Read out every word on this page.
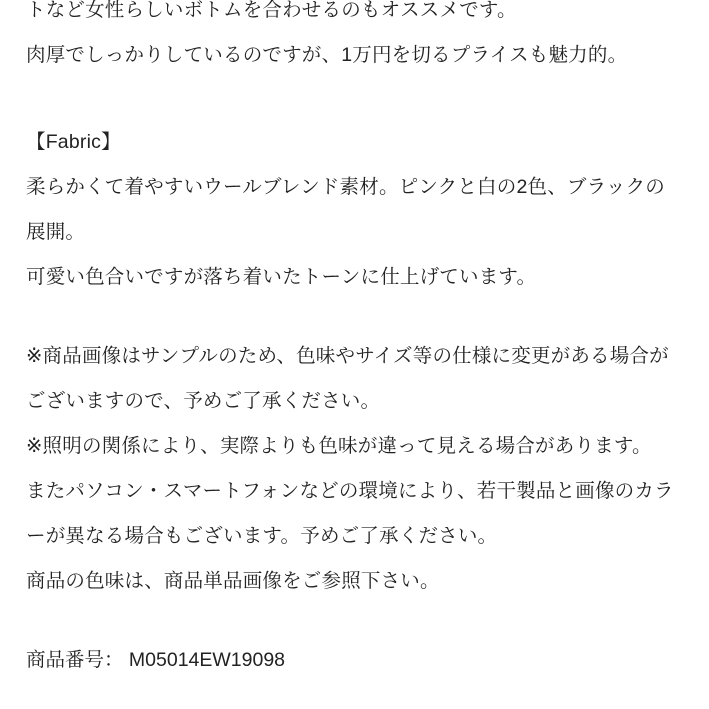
トなど女性らしいボトムを合わせるのもオススメです。

肉厚でしっかりしているのですが、1万円を切るプライスも魅力的。

【Fabric】

柔らかくて着やすいウールブレンド素材。ピンクと白の2色、ブラックの展開。

可愛い色合いですが落ち着いたトーンに仕上げています。

※商品画像はサンプルのため、色味やサイズ等の仕様に変更がある場合がございますので、予めご了承ください。

※照明の関係により、実際よりも色味が違って見える場合があります。

またパソコン・スマートフォンなどの環境により、若干製品と画像のカラーが異なる場合もございます。予めご了承ください。

商品の色味は、商品単品画像をご参照下さい。

商品番号： M05014EW19098
